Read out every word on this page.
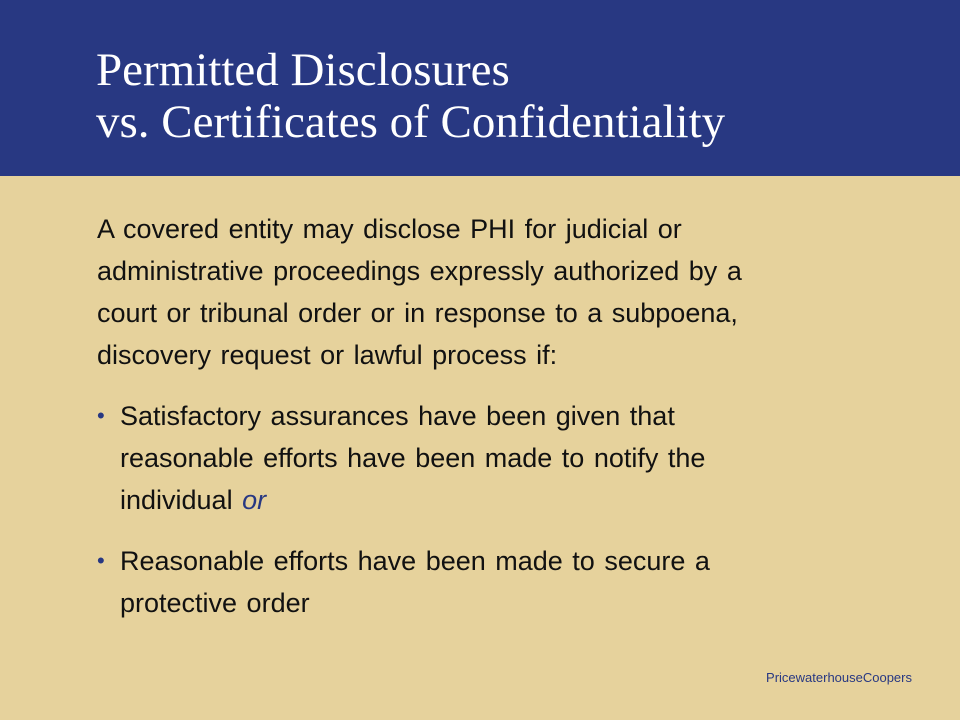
Permitted Disclosures
vs. Certificates of Confidentiality
A covered entity may disclose PHI for judicial or
administrative proceedings expressly authorized by a
court or tribunal order or in response to a subpoena,
discovery request or lawful process if:
• Satisfactory assurances have been given that
reasonable efforts have been made to notify the
individual or
• Reasonable efforts have been made to secure a
protective order
PricewaterhouseCoopers
